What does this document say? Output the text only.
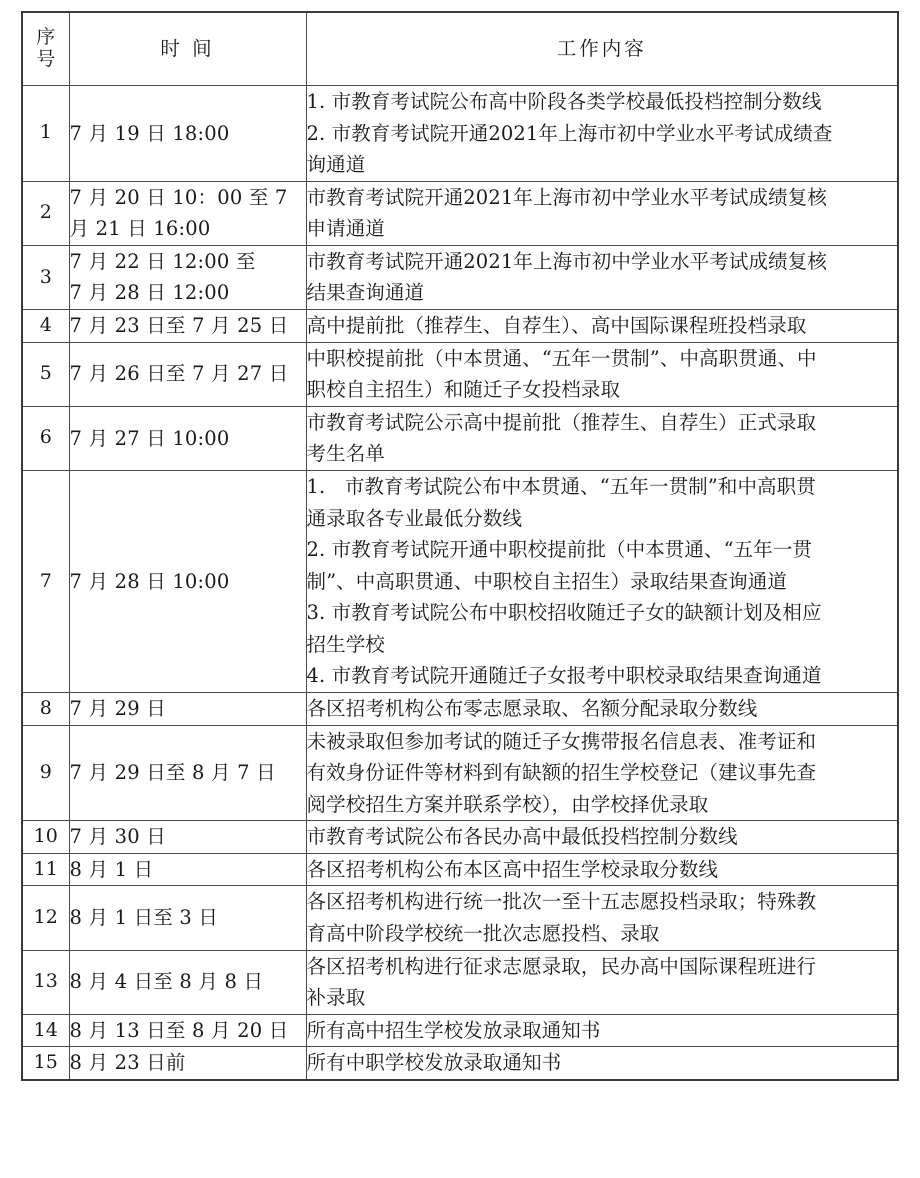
序
号	时 间	工作内容
1	7 月 19 日 18:00	1. 市教育考试院公布高中阶段各类学校最低投档控制分数线
2. 市教育考试院开通2021年上海市初中学业水平考试成绩查
询通道

2	7 月 20 日 10：00 至 7
月 21 日 16:00	市教育考试院开通2021年上海市初中学业水平考试成绩复核
申请通道

3	7 月 22 日 12:00 至
7 月 28 日 12:00	市教育考试院开通2021年上海市初中学业水平考试成绩复核
结果查询通道

4	7 月 23 日至 7 月 25 日	高中提前批（推荐生、自荐生）、高中国际课程班投档录取

5	7 月 26 日至 7 月 27 日	中职校提前批（中本贯通、“五年一贯制”、中高职贯通、中
职校自主招生）和随迁子女投档录取

6	7 月 27 日 10:00	市教育考试院公示高中提前批（推荐生、自荐生）正式录取
考生名单

7	7 月 28 日 10:00

1.　市教育考试院公布中本贯通、“五年一贯制”和中高职贯
通录取各专业最低分数线
2. 市教育考试院开通中职校提前批（中本贯通、“五年一贯
制”、中高职贯通、中职校自主招生）录取结果查询通道
3. 市教育考试院公布中职校招收随迁子女的缺额计划及相应
招生学校
4. 市教育考试院开通随迁子女报考中职校录取结果查询通道

8	7 月 29 日	各区招考机构公布零志愿录取、名额分配录取分数线

9	7 月 29 日至 8 月 7 日	未被录取但参加考试的随迁子女携带报名信息表、准考证和
有效身份证件等材料到有缺额的招生学校登记（建议事先查
阅学校招生方案并联系学校），由学校择优录取

10	7 月 30 日	市教育考试院公布各民办高中最低投档控制分数线

11	8 月 1 日	各区招考机构公布本区高中招生学校录取分数线

12	8 月 1 日至 3 日	各区招考机构进行统一批次一至十五志愿投档录取；特殊教
育高中阶段学校统一批次志愿投档、录取

13	8 月 4 日至 8 月 8 日	各区招考机构进行征求志愿录取，民办高中国际课程班进行
补录取

14	8 月 13 日至 8 月 20 日	所有高中招生学校发放录取通知书

15	8 月 23 日前	所有中职学校发放录取通知书
